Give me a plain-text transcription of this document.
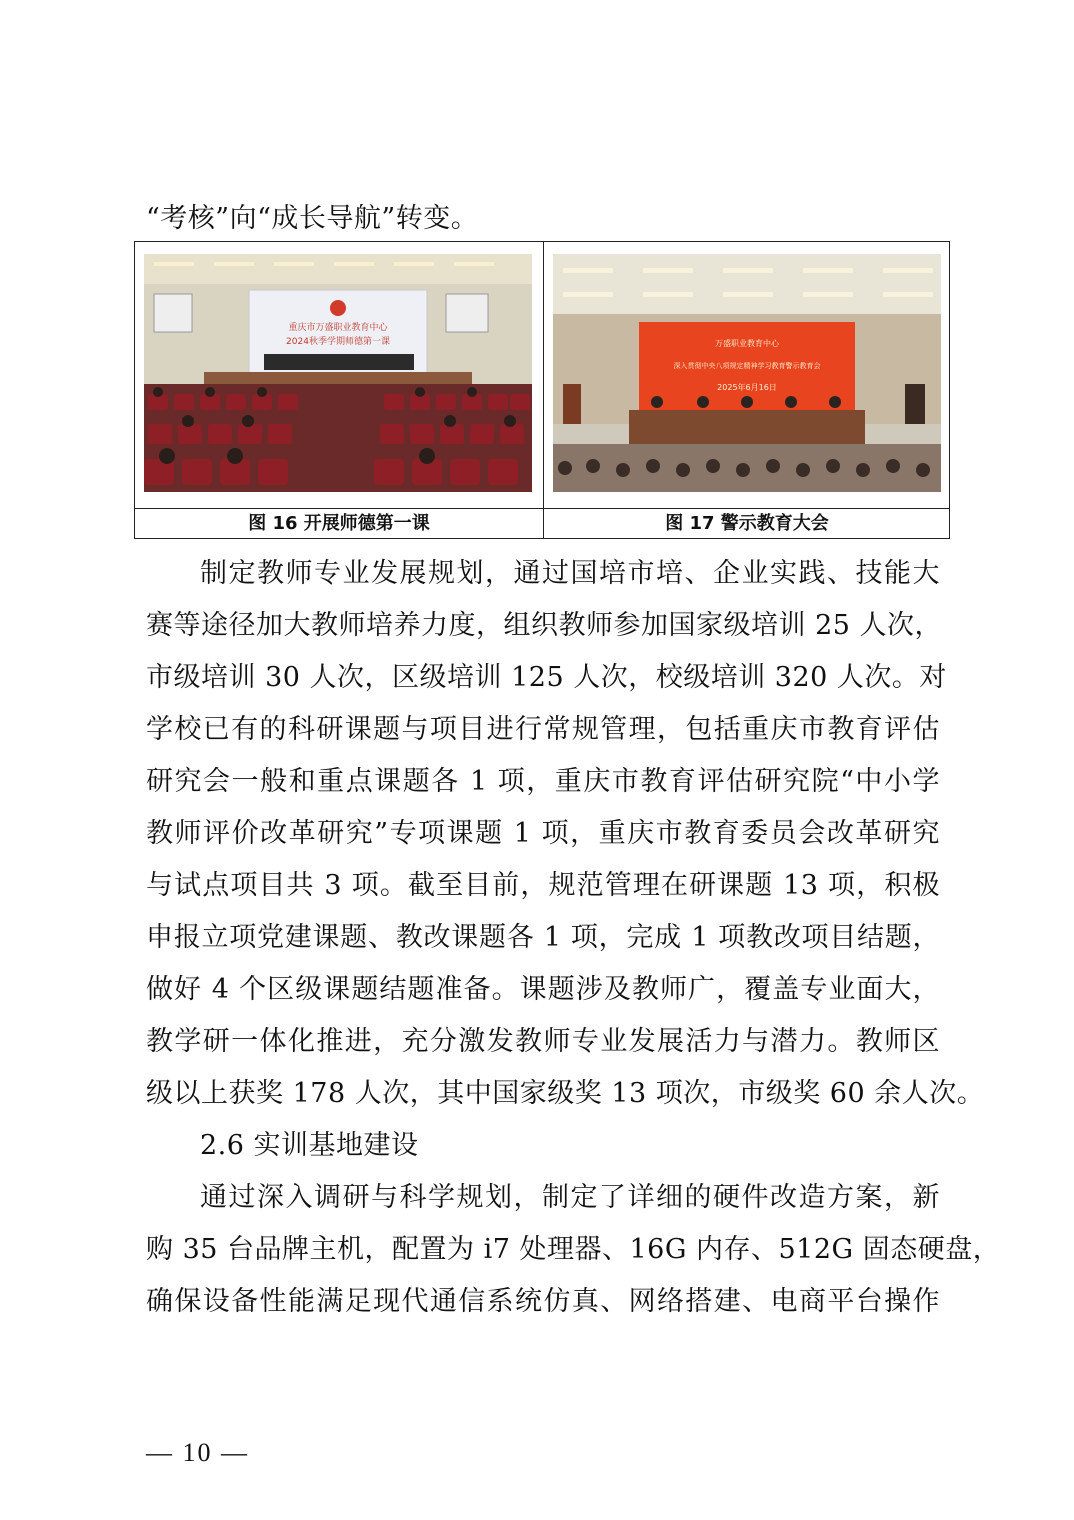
“考核”向“成长导航”转变。
重庆市万盛职业教育中心
2024秋季学期师德第一课	万盛职业教育中心
深入贯彻中央八项规定精神学习教育警示教育会
2025年6月16日
图 16 开展师德第一课	图 17 警示教育大会
制定教师专业发展规划，通过国培市培、企业实践、技能大
赛等途径加大教师培养力度，组织教师参加国家级培训 25 人次，
市级培训 30 人次，区级培训 125 人次，校级培训 320 人次。对
学校已有的科研课题与项目进行常规管理，包括重庆市教育评估
研究会一般和重点课题各 1 项，重庆市教育评估研究院“中小学
教师评价改革研究”专项课题 1 项，重庆市教育委员会改革研究
与试点项目共 3 项。截至目前，规范管理在研课题 13 项，积极
申报立项党建课题、教改课题各 1 项，完成 1 项教改项目结题，
做好 4 个区级课题结题准备。课题涉及教师广，覆盖专业面大，
教学研一体化推进，充分激发教师专业发展活力与潜力。教师区
级以上获奖 178 人次，其中国家级奖 13 项次，市级奖 60 余人次。
2.6 实训基地建设
通过深入调研与科学规划，制定了详细的硬件改造方案，新
购 35 台品牌主机，配置为 i7 处理器、16G 内存、512G 固态硬盘，
确保设备性能满足现代通信系统仿真、网络搭建、电商平台操作
— 10 —
